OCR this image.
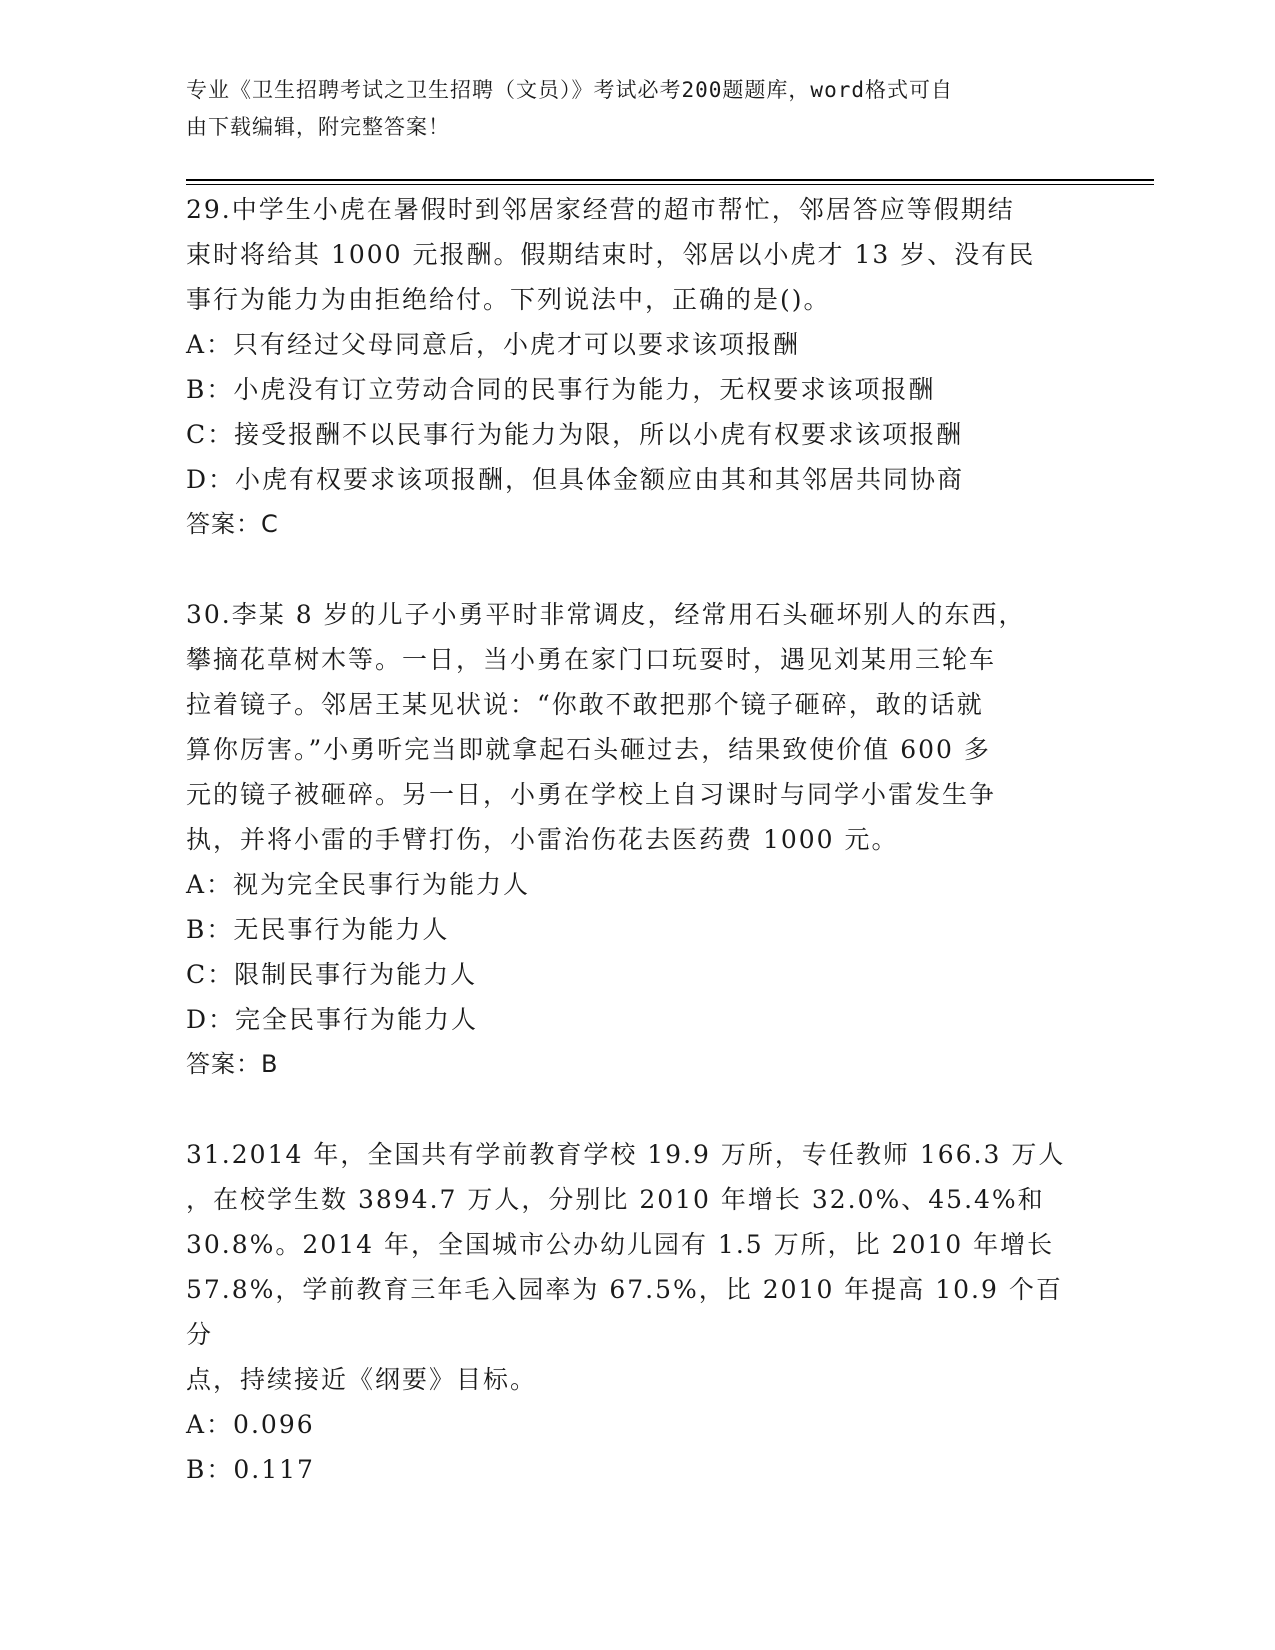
专业《卫生招聘考试之卫生招聘（文员）》考试必考200题题库，word格式可自
由下载编辑，附完整答案！
29.中学生小虎在暑假时到邻居家经营的超市帮忙，邻居答应等假期结
束时将给其 1000 元报酬。假期结束时，邻居以小虎才 13 岁、没有民
事行为能力为由拒绝给付。下列说法中，正确的是()。
A：只有经过父母同意后，小虎才可以要求该项报酬
B：小虎没有订立劳动合同的民事行为能力，无权要求该项报酬
C：接受报酬不以民事行为能力为限，所以小虎有权要求该项报酬
D：小虎有权要求该项报酬，但具体金额应由其和其邻居共同协商
答案：C
30.李某 8 岁的儿子小勇平时非常调皮，经常用石头砸坏别人的东西，
攀摘花草树木等。一日，当小勇在家门口玩耍时，遇见刘某用三轮车
拉着镜子。邻居王某见状说：“你敢不敢把那个镜子砸碎，敢的话就
算你厉害。”小勇听完当即就拿起石头砸过去，结果致使价值 600 多
元的镜子被砸碎。另一日，小勇在学校上自习课时与同学小雷发生争
执，并将小雷的手臂打伤，小雷治伤花去医药费 1000 元。
A：视为完全民事行为能力人
B：无民事行为能力人
C：限制民事行为能力人
D：完全民事行为能力人
答案：B
31.2014 年，全国共有学前教育学校 19.9 万所，专任教师 166.3 万人
，在校学生数 3894.7 万人，分别比 2010 年增长 32.0%、45.4%和
30.8%。2014 年，全国城市公办幼儿园有 1.5 万所，比 2010 年增长
57.8%，学前教育三年毛入园率为 67.5%，比 2010 年提高 10.9 个百分
点，持续接近《纲要》目标。
A：0.096
B：0.117
